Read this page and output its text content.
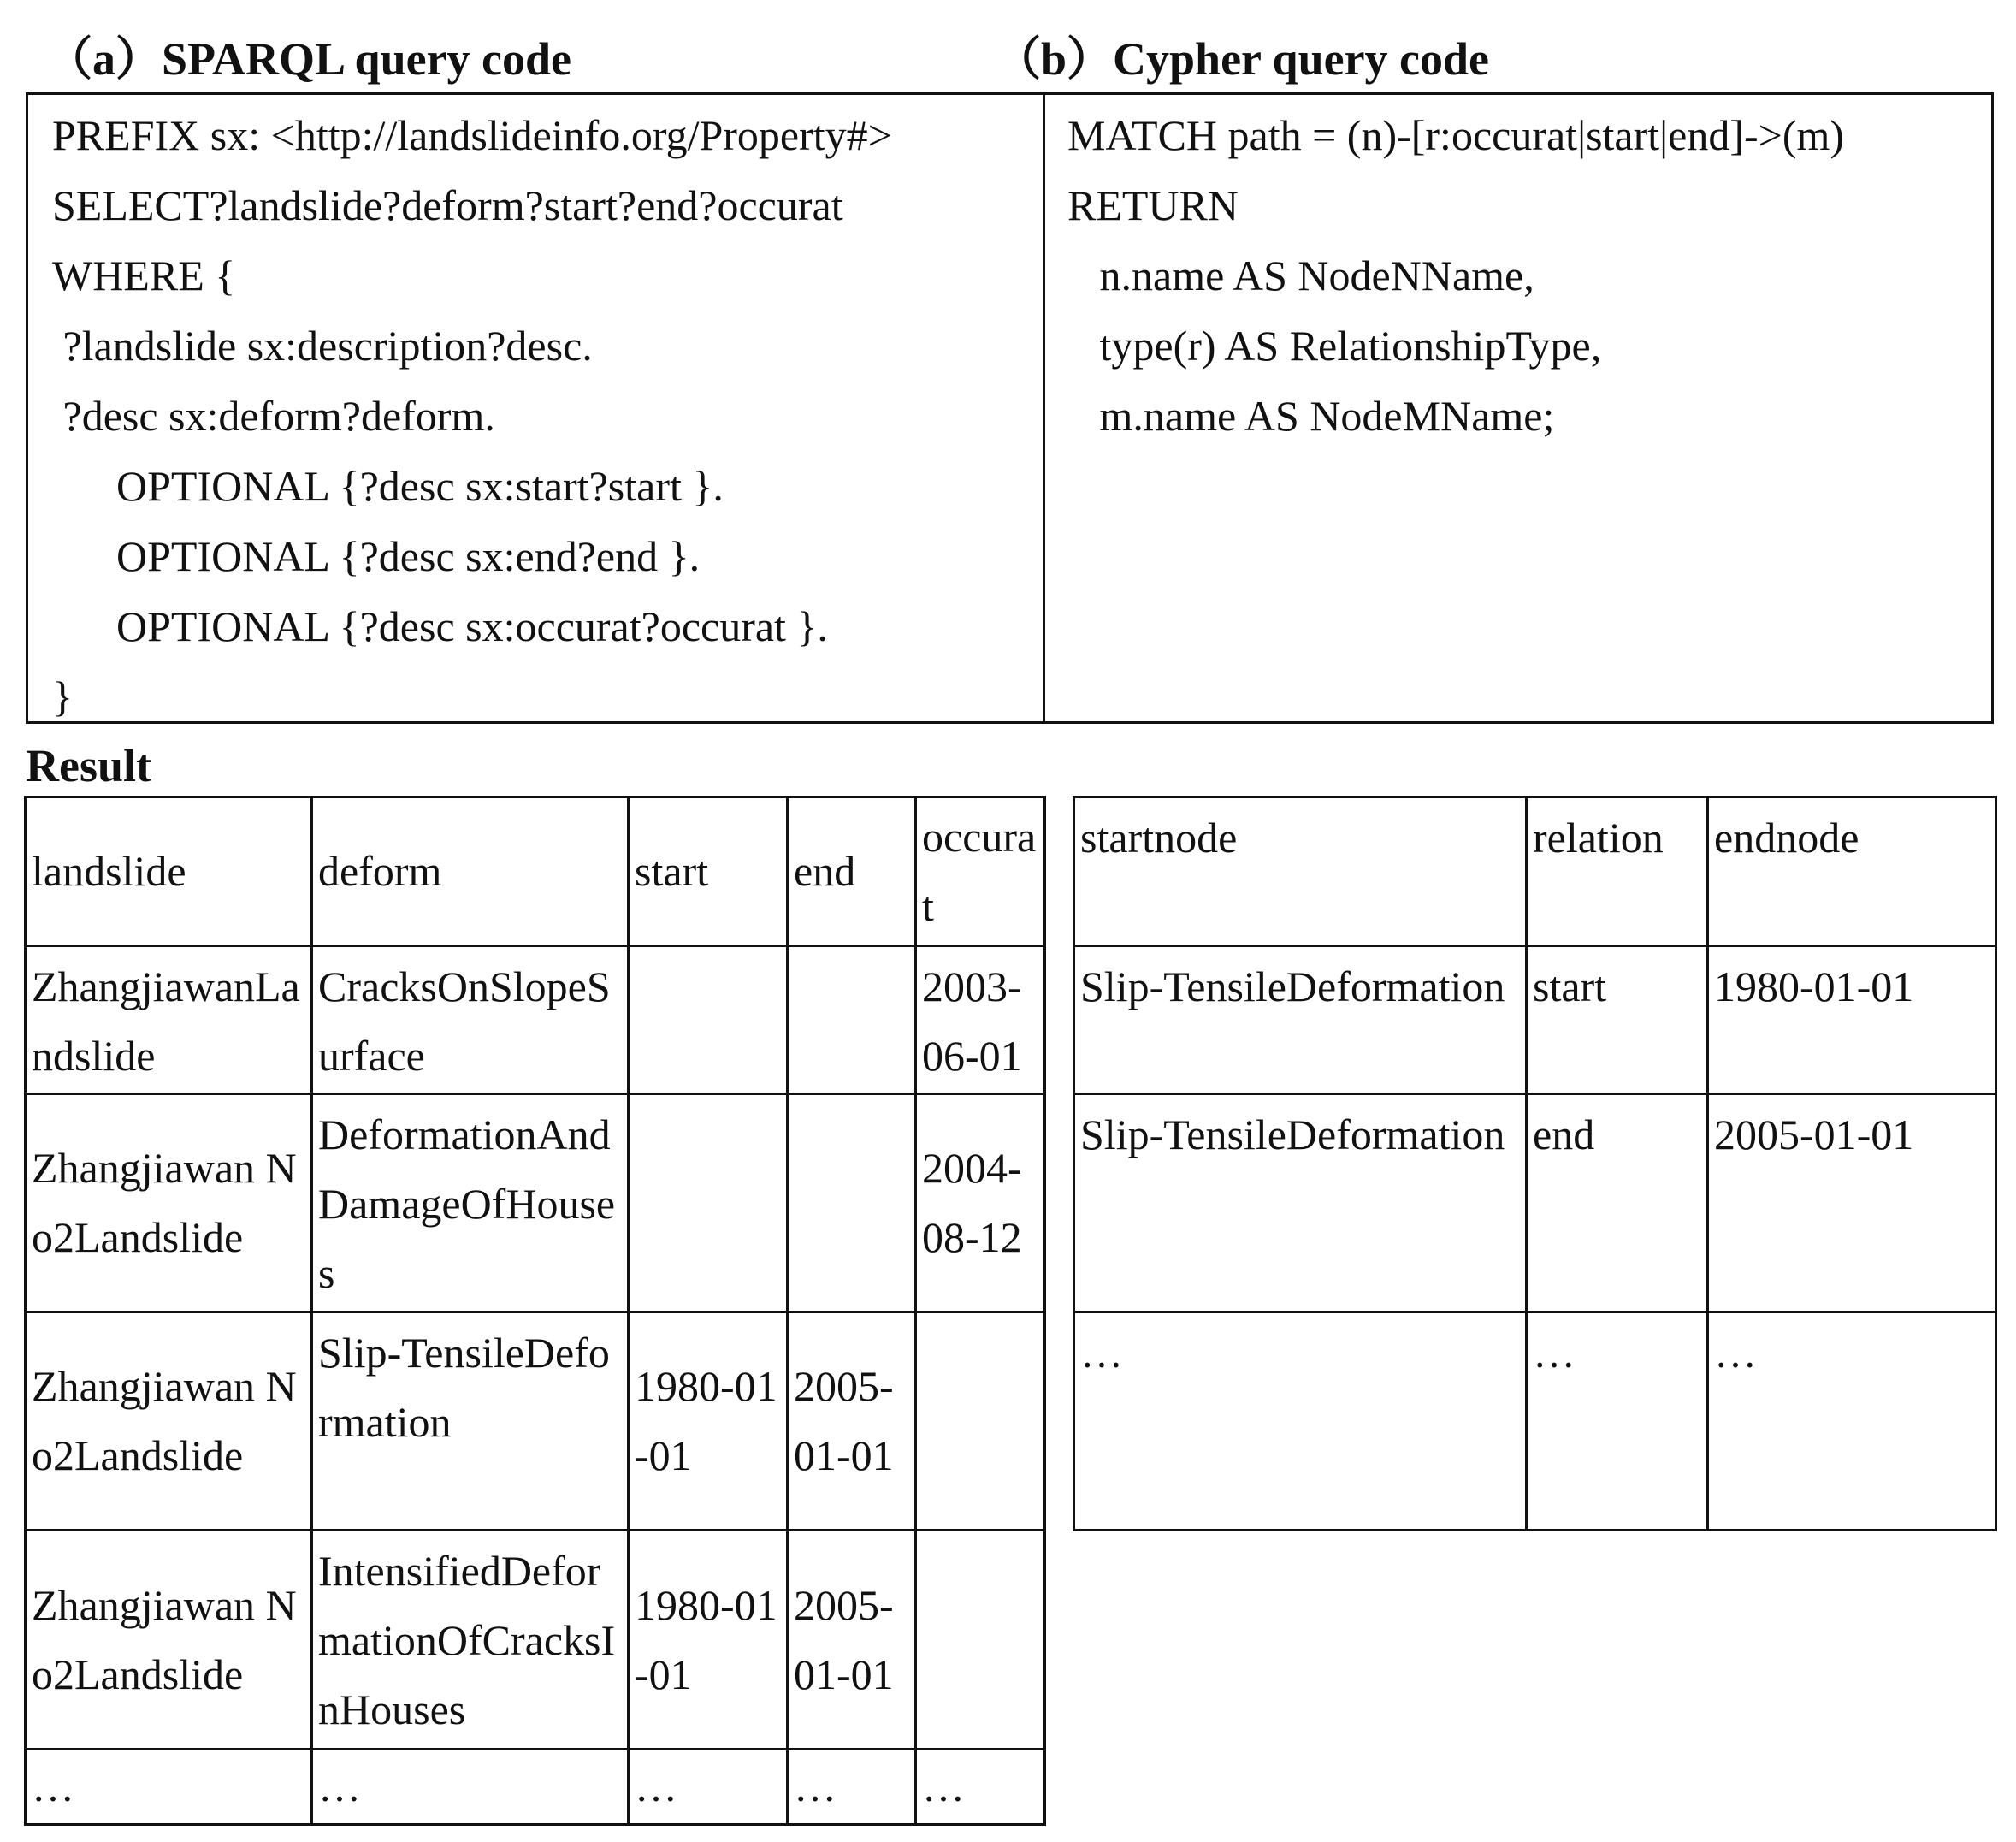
（a）SPARQL query code	（b）Cypher query code
PREFIX sx: <http://landslideinfo.org/Property#>
SELECT?landslide?deform?start?end?occurat
WHERE {
?landslide sx:description?desc.
?desc sx:deform?deform.
OPTIONAL {?desc sx:start?start }.
OPTIONAL {?desc sx:end?end }.
OPTIONAL {?desc sx:occurat?occurat }.
}
MATCH path = (n)-[r:occurat|start|end]->(m)
RETURN
n.name AS NodeNName,
type(r) AS RelationshipType,
m.name AS NodeMName;
Result
landslide	deform	start	end	occurat
ZhangjiawanLandslide	CracksOnSlopeSurface			2003-06-01
Zhangjiawan No2Landslide	DeformationAndDamageOfHouses			2004-08-12
Zhangjiawan No2Landslide	Slip-TensileDeformation	1980-01-01	2005-01-01	
Zhangjiawan No2Landslide	IntensifiedDeformationOfCracksInHouses	1980-01-01	2005-01-01	
…	…	…	…	…
startnode	relation	endnode
Slip-TensileDeformation	start	1980-01-01
Slip-TensileDeformation	end	2005-01-01
…	…	…
